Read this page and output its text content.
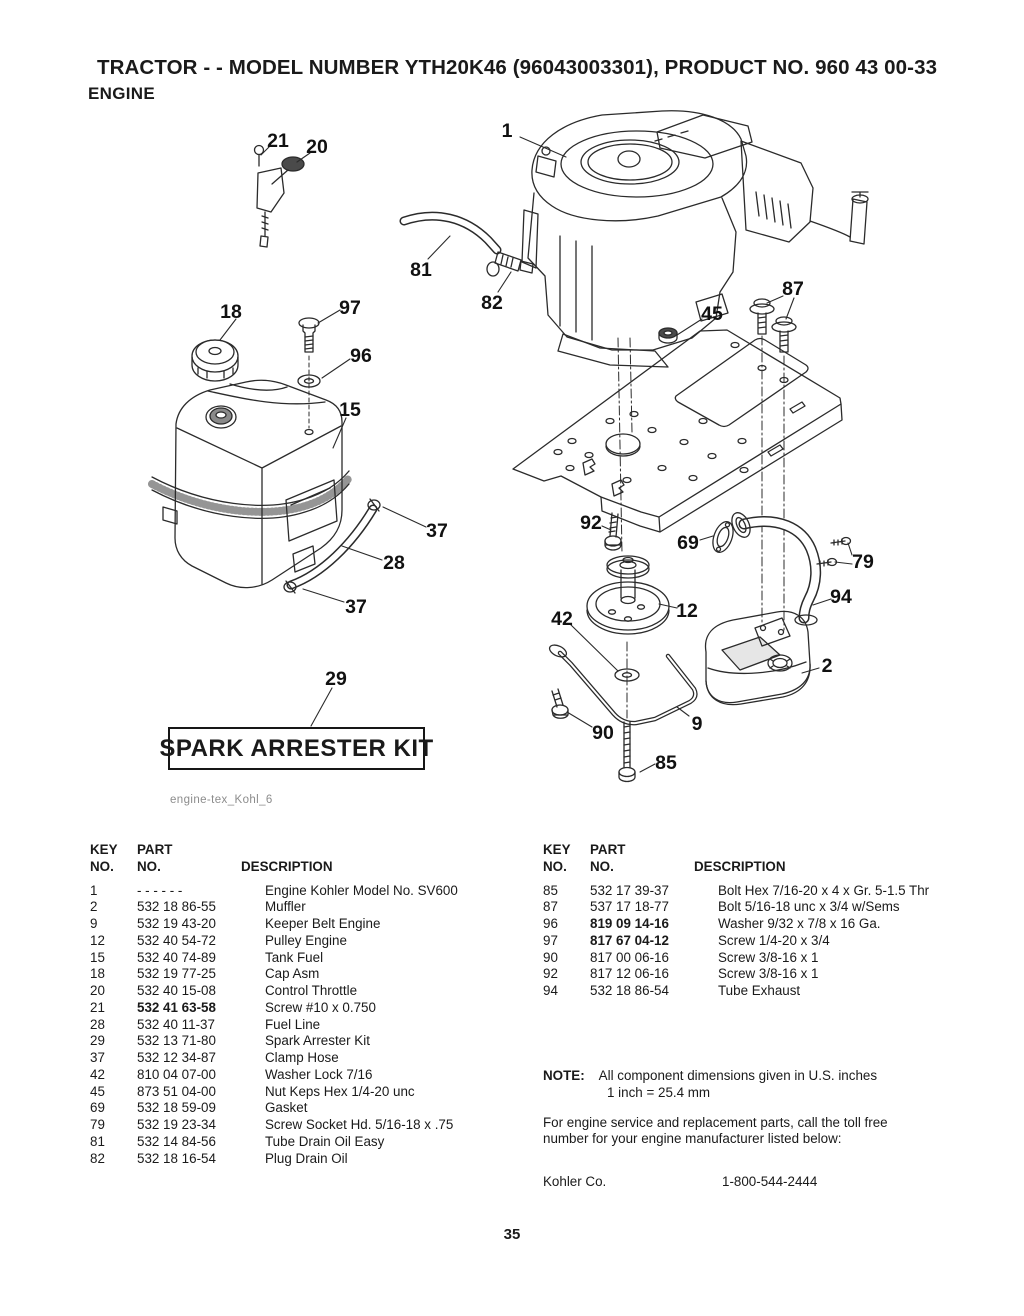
TRACTOR - - MODEL NUMBER YTH20K46 (96043003301), PRODUCT NO. 960 43 00-33
ENGINE
1
21 20
81
82
18	97
96
15
87
45
37
28
37
29
92
69
79
94
42	12
2
90	9
85
SPARK ARRESTER KIT
engine-tex_Kohl_6
KEY PART
NO. NO.	DESCRIPTION
1	- - - - - -	Engine Kohler Model No. SV600
2	532 18 86-55	Muffler
9	532 19 43-20	Keeper Belt Engine
12 532 40 54-72	Pulley Engine
15 532 40 74-89	Tank Fuel
18 532 19 77-25	Cap Asm
20 532 40 15-08	Control Throttle
21 532 41 63-58	Screw #10 x 0.750
28 532 40 11-37	Fuel Line
29 532 13 71-80	Spark Arrester Kit
37 532 12 34-87	Clamp Hose
42 810 04 07-00	Washer Lock 7/16
45 873 51 04-00	Nut Keps Hex 1/4-20 unc
69 532 18 59-09	Gasket
79 532 19 23-34	Screw Socket Hd. 5/16-18 x .75
81 532 14 84-56	Tube Drain Oil Easy
82 532 18 16-54	Plug Drain Oil
KEY PART
NO. NO.	DESCRIPTION
85 532 17 39-37	Bolt Hex 7/16-20 x 4 x Gr. 5-1.5 Thr
87 537 17 18-77	Bolt 5/16-18 unc x 3/4 w/Sems
96 819 09 14-16	Washer 9/32 x 7/8 x 16 Ga.
97 817 67 04-12	Screw 1/4-20 x 3/4
90 817 00 06-16	Screw 3/8-16 x 1
92 817 12 06-16	Screw 3/8-16 x 1
94 532 18 86-54	Tube Exhaust
NOTE: All component dimensions given in U.S. inches
1 inch = 25.4 mm
For engine service and replacement parts, call the toll free
number for your engine manufacturer listed below:
Kohler Co.	1-800-544-2444
35
